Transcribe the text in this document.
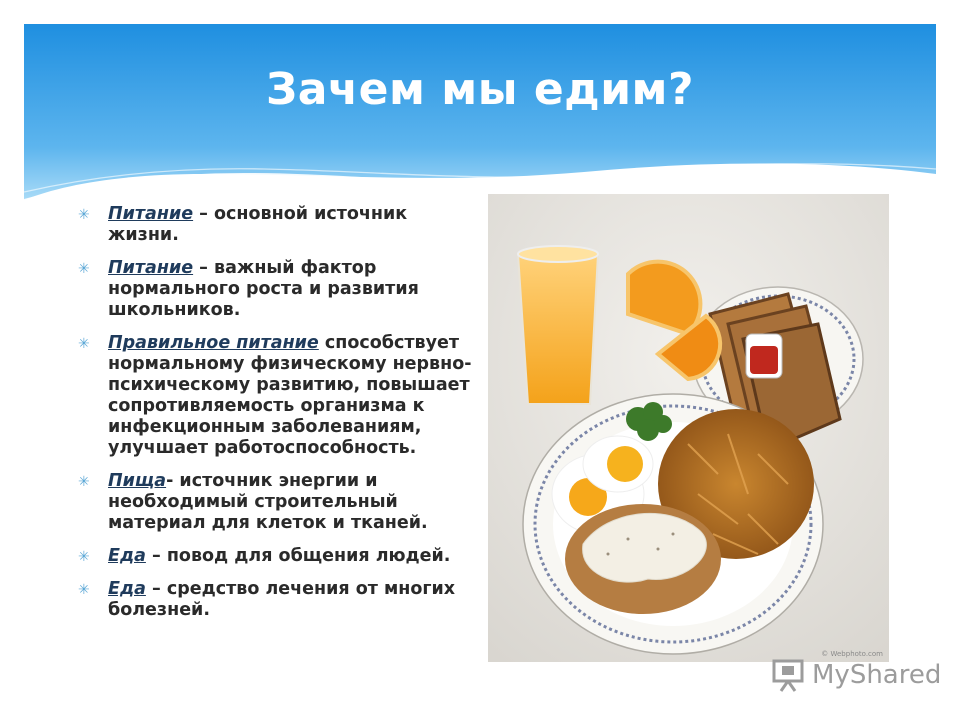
Зачем мы едим?
✳ Питание – основной источник жизни.
✳ Питание – важный фактор нормального роста и развития школьников.
✳ Правильное питание способствует нормальному физическому нервно-психическому развитию, повышает сопротивляемость организма к инфекционным заболеваниям, улучшает работоспособность.
✳ Пища- источник энергии и необходимый строительный материал для клеток и тканей.
✳ Еда – повод для общения людей.
✳ Еда – средство лечения от многих болезней.
© Webphoto.com
MyShared
